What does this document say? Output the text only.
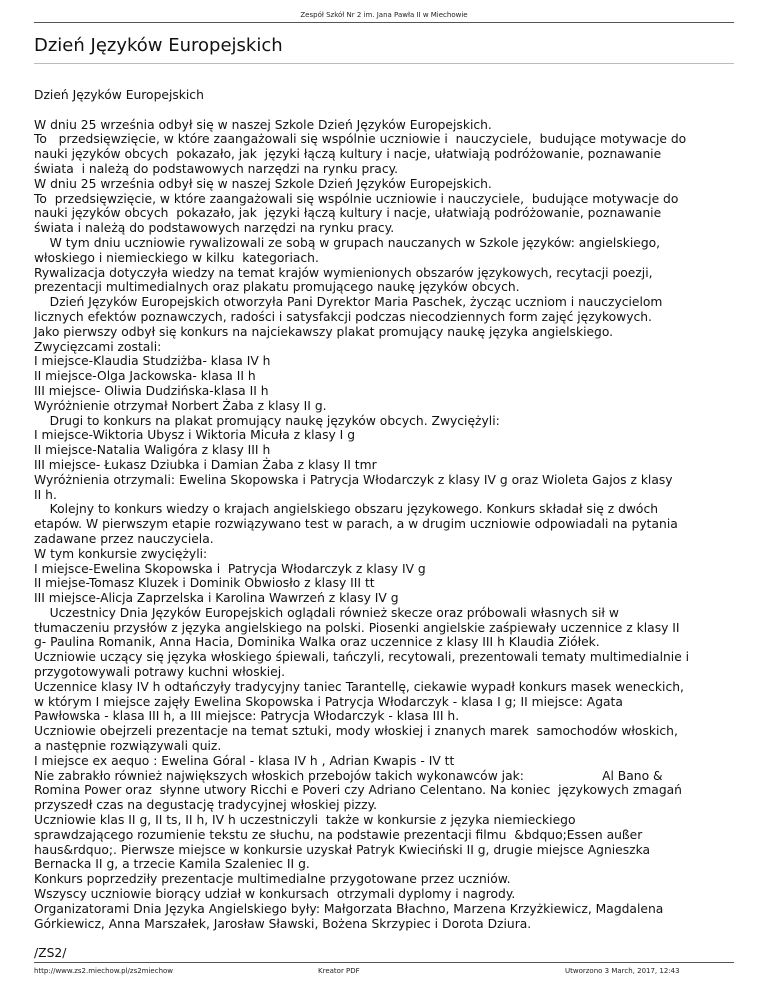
Zespół Szkół Nr 2 im. Jana Pawła II w Miechowie
Dzień Języków Europejskich

Dzień Języków Europejskich

W dniu 25 września odbył się w naszej Szkole Dzień Języków Europejskich.

To   przedsięwzięcie, w które zaangażowali się wspólnie uczniowie i  nauczyciele,  budujące motywacje do

nauki języków obcych  pokazało, jak  języki łączą kultury i nacje, ułatwiają podróżowanie, poznawanie

świata  i należą do podstawowych narzędzi na rynku pracy.

W dniu 25 września odbył się w naszej Szkole Dzień Języków Europejskich.

To  przedsięwzięcie, w które zaangażowali się wspólnie uczniowie i nauczyciele,  budujące motywacje do

nauki języków obcych  pokazało, jak  języki łączą kultury i nacje, ułatwiają podróżowanie, poznawanie

świata i należą do podstawowych narzędzi na rynku pracy.

W tym dniu uczniowie rywalizowali ze sobą w grupach nauczanych w Szkole języków: angielskiego,

włoskiego i niemieckiego w kilku  kategoriach.

Rywalizacja dotyczyła wiedzy na temat krajów wymienionych obszarów językowych, recytacji poezji,

prezentacji multimedialnych oraz plakatu promującego naukę języków obcych.

Dzień Języków Europejskich otworzyła Pani Dyrektor Maria Paschek, życząc uczniom i nauczycielom

licznych efektów poznawczych, radości i satysfakcji podczas niecodziennych form zajęć językowych.

Jako pierwszy odbył się konkurs na najciekawszy plakat promujący naukę języka angielskiego.

Zwycięzcami zostali:

I miejsce-Klaudia Studziżba- klasa IV h

II miejsce-Olga Jackowska- klasa II h

III miejsce- Oliwia Dudzińska-klasa II h

Wyróżnienie otrzymał Norbert Żaba z klasy II g.

Drugi to konkurs na plakat promujący naukę języków obcych. Zwyciężyli:

I miejsce-Wiktoria Ubysz i Wiktoria Micuła z klasy I g

II miejsce-Natalia Waligóra z klasy III h

III miejsce- Łukasz Dziubka i Damian Żaba z klasy II tmr

Wyróżnienia otrzymali: Ewelina Skopowska i Patrycja Włodarczyk z klasy IV g oraz Wioleta Gajos z klasy

II h.

Kolejny to konkurs wiedzy o krajach angielskiego obszaru językowego. Konkurs składał się z dwóch

etapów. W pierwszym etapie rozwiązywano test w parach, a w drugim uczniowie odpowiadali na pytania

zadawane przez nauczyciela.

W tym konkursie zwyciężyli:

I miejsce-Ewelina Skopowska i  Patrycja Włodarczyk z klasy IV g

II miejse-Tomasz Kluzek i Dominik Obwiosło z klasy III tt

III miejsce-Alicja Zaprzelska i Karolina Wawrzeń z klasy IV g

Uczestnicy Dnia Języków Europejskich oglądali również skecze oraz próbowali własnych sił w

tłumaczeniu przysłów z języka angielskiego na polski. Piosenki angielskie zaśpiewały uczennice z klasy II

g- Paulina Romanik, Anna Hacia, Dominika Walka oraz uczennice z klasy III h Klaudia Ziółek.

Uczniowie uczący się języka włoskiego śpiewali, tańczyli, recytowali, prezentowali tematy multimedialnie i

przygotowywali potrawy kuchni włoskiej.

Uczennice klasy IV h odtańczyły tradycyjny taniec Tarantellę, ciekawie wypadł konkurs masek weneckich,

w którym I miejsce zajęły Ewelina Skopowska i Patrycja Włodarczyk - klasa I g; II miejsce: Agata

Pawłowska - klasa III h, a III miejsce: Patrycja Włodarczyk - klasa III h.

Uczniowie obejrzeli prezentacje na temat sztuki, mody włoskiej i znanych marek  samochodów włoskich,

a następnie rozwiązywali quiz.

I miejsce ex aequo : Ewelina Góral - klasa IV h , Adrian Kwapis - IV tt

Nie zabrakło również największych włoskich przebojów takich wykonawców jak:                    Al Bano &

Romina Power oraz  słynne utwory Ricchi e Poveri czy Adriano Celentano. Na koniec  językowych zmagań

przyszedł czas na degustację tradycyjnej włoskiej pizzy.

Uczniowie klas II g, II ts, II h, IV h uczestniczyli  także w konkursie z języka niemieckiego

sprawdzającego rozumienie tekstu ze słuchu, na podstawie prezentacji filmu  &bdquo;Essen außer

haus&rdquo;. Pierwsze miejsce w konkursie uzyskał Patryk Kwieciński II g, drugie miejsce Agnieszka

Bernacka II g, a trzecie Kamila Szaleniec II g.

Konkurs poprzedziły prezentacje multimedialne przygotowane przez uczniów.

Wszyscy uczniowie biorący udział w konkursach  otrzymali dyplomy i nagrody.

Organizatorami Dnia Języka Angielskiego były: Małgorzata Błachno, Marzena Krzyżkiewicz, Magdalena

Górkiewicz, Anna Marszałek, Jarosław Sławski, Bożena Skrzypiec i Dorota Dziura.

/ZS2/

http://www.zs2.miechow.pl/zs2miechow	Kreator PDF	Utworzono 3 March, 2017, 12:43
